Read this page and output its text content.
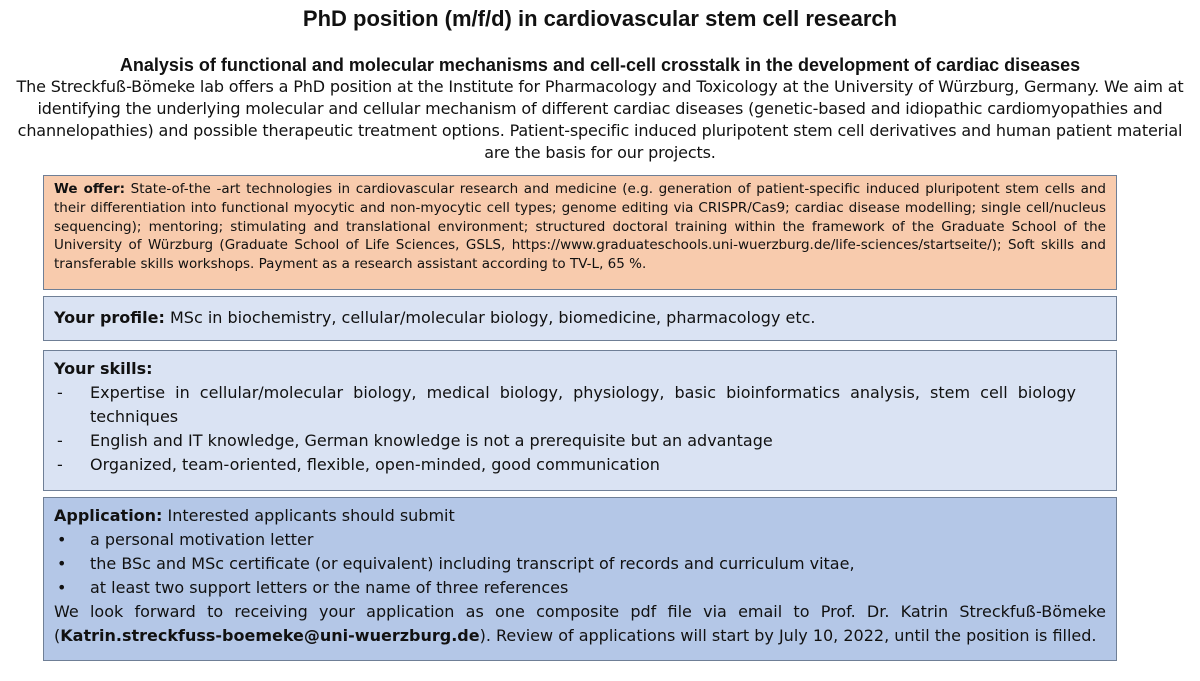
PhD position (m/f/d) in cardiovascular stem cell research
Analysis of functional and molecular mechanisms and cell-cell crosstalk in the development of cardiac diseases
The Streckfuß-Bömeke lab offers a PhD position at the Institute for Pharmacology and Toxicology at the University of Würzburg, Germany. We aim at identifying the underlying molecular and cellular mechanism of different cardiac diseases (genetic-based and idiopathic cardiomyopathies and channelopathies) and possible therapeutic treatment options. Patient-specific induced pluripotent stem cell derivatives and human patient material are the basis for our projects.
We offer: State-of-the -art technologies in cardiovascular research and medicine (e.g. generation of patient-specific induced pluripotent stem cells and their differentiation into functional myocytic and non-myocytic cell types; genome editing via CRISPR/Cas9; cardiac disease modelling; single cell/nucleus sequencing); mentoring; stimulating and translational environment; structured doctoral training within the framework of the Graduate School of the University of Würzburg (Graduate School of Life Sciences, GSLS, https://www.graduateschools.uni-wuerzburg.de/life-sciences/startseite/); Soft skills and transferable skills workshops. Payment as a research assistant according to TV-L, 65 %.
Your profile: MSc in biochemistry, cellular/molecular biology, biomedicine, pharmacology etc.
Your skills:
-	Expertise in cellular/molecular biology, medical biology, physiology, basic bioinformatics analysis, stem cell biology techniques
-	English and IT knowledge, German knowledge is not a prerequisite but an advantage
-	Organized, team-oriented, flexible, open-minded, good communication
Application: Interested applicants should submit
•	a personal motivation letter
•	the BSc and MSc certificate (or equivalent) including transcript of records and curriculum vitae,
•	at least two support letters or the name of three references
We look forward to receiving your application as one composite pdf file via email to Prof. Dr. Katrin Streckfuß-Bömeke (Katrin.streckfuss-boemeke@uni-wuerzburg.de). Review of applications will start by July 10, 2022, until the position is filled.
